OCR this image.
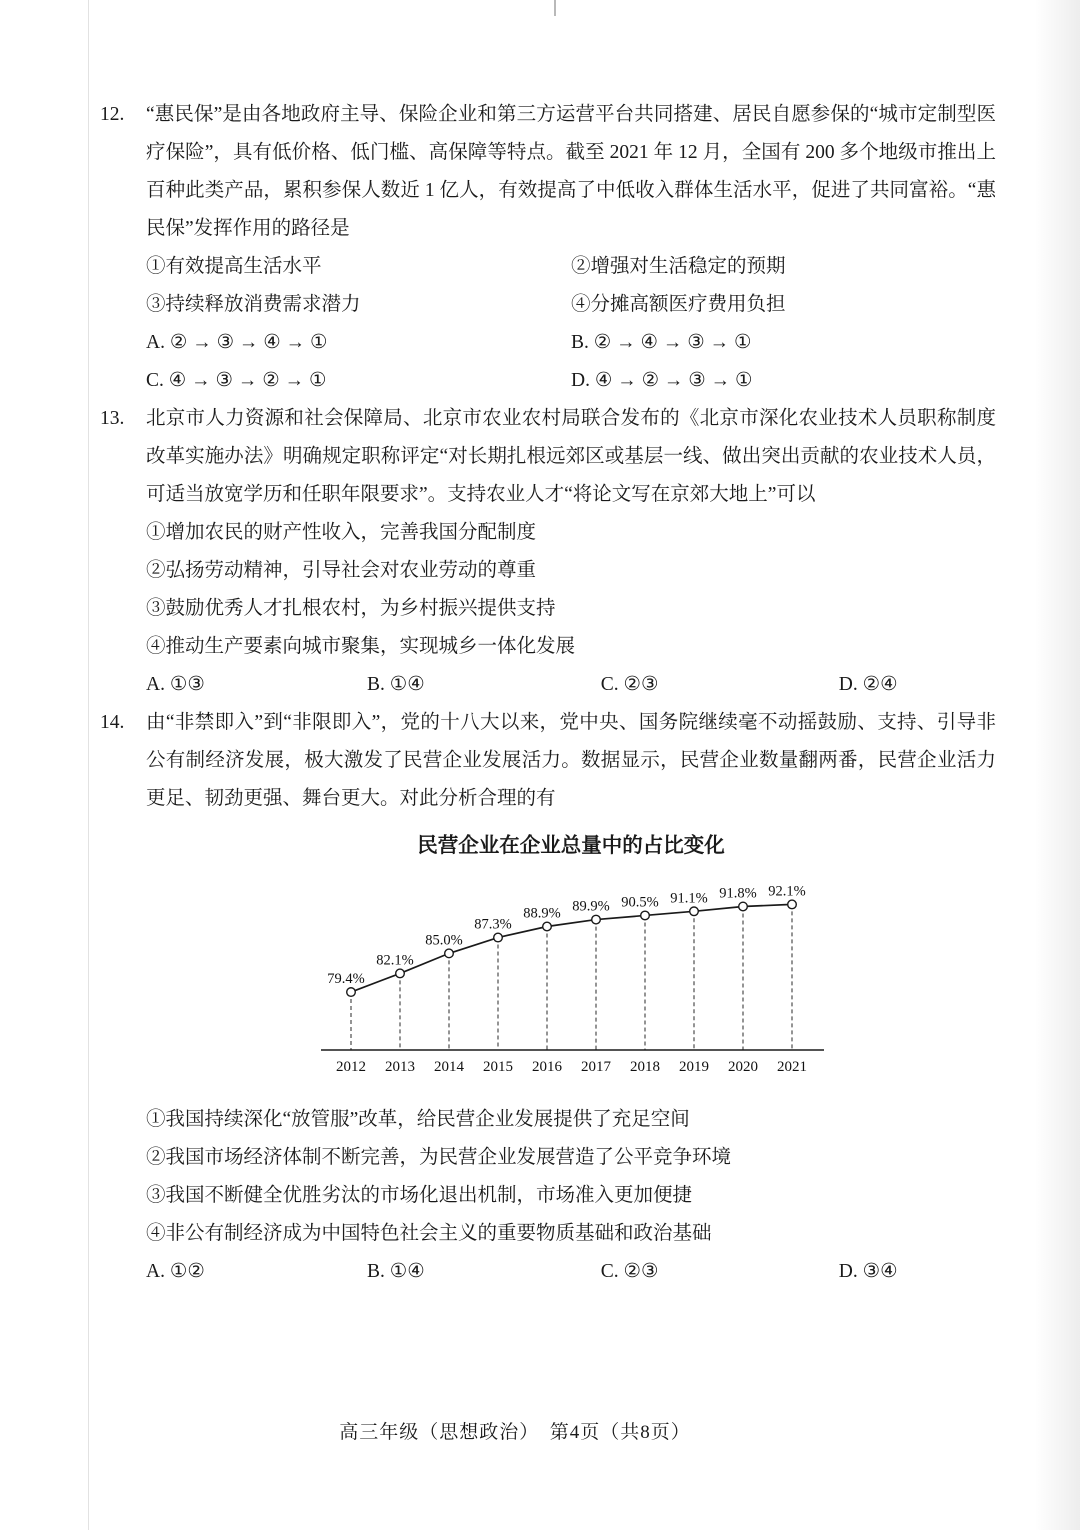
12.	“惠民保”是由各地政府主导、保险企业和第三方运营平台共同搭建、居民自愿参保的“城市定制型医疗保险”，具有低价格、低门槛、高保障等特点。截至 2021 年 12 月，全国有 200 多个地级市推出上百种此类产品，累积参保人数近 1 亿人，有效提高了中低收入群体生活水平，促进了共同富裕。“惠民保”发挥作用的路径是

①有效提高生活水平	②增强对生活稳定的预期
③持续释放消费需求潜力	④分摊高额医疗费用负担
A. ② → ③ → ④ → ①	B. ② → ④ → ③ → ①
C. ④ → ③ → ② → ①	D. ④ → ② → ③ → ①
13.	北京市人力资源和社会保障局、北京市农业农村局联合发布的《北京市深化农业技术人员职称制度改革实施办法》明确规定职称评定“对长期扎根远郊区或基层一线、做出突出贡献的农业技术人员，可适当放宽学历和任职年限要求”。支持农业人才“将论文写在京郊大地上”可以

①增加农民的财产性收入，完善我国分配制度
②弘扬劳动精神，引导社会对农业劳动的尊重
③鼓励优秀人才扎根农村，为乡村振兴提供支持
④推动生产要素向城市聚集，实现城乡一体化发展
A. ①③	B. ①④	C. ②③	D. ②④
14.	由“非禁即入”到“非限即入”，党的十八大以来，党中央、国务院继续毫不动摇鼓励、支持、引导非公有制经济发展，极大激发了民营企业发展活力。数据显示，民营企业数量翻两番，民营企业活力更足、韧劲更强、舞台更大。对此分析合理的有

民营企业在企业总量中的占比变化
79.4%
2012
82.1%
2013
85.0%
2014
87.3%
2015
88.9%
2016
89.9%
2017
90.5%
2018
91.1%
2019
91.8%
2020
92.1%
2021
①我国持续深化“放管服”改革，给民营企业发展提供了充足空间
②我国市场经济体制不断完善，为民营企业发展营造了公平竞争环境
③我国不断健全优胜劣汰的市场化退出机制，市场准入更加便捷
④非公有制经济成为中国特色社会主义的重要物质基础和政治基础
A. ①②	B. ①④	C. ②③	D. ③④
高三年级（思想政治）　第4页（共8页）
